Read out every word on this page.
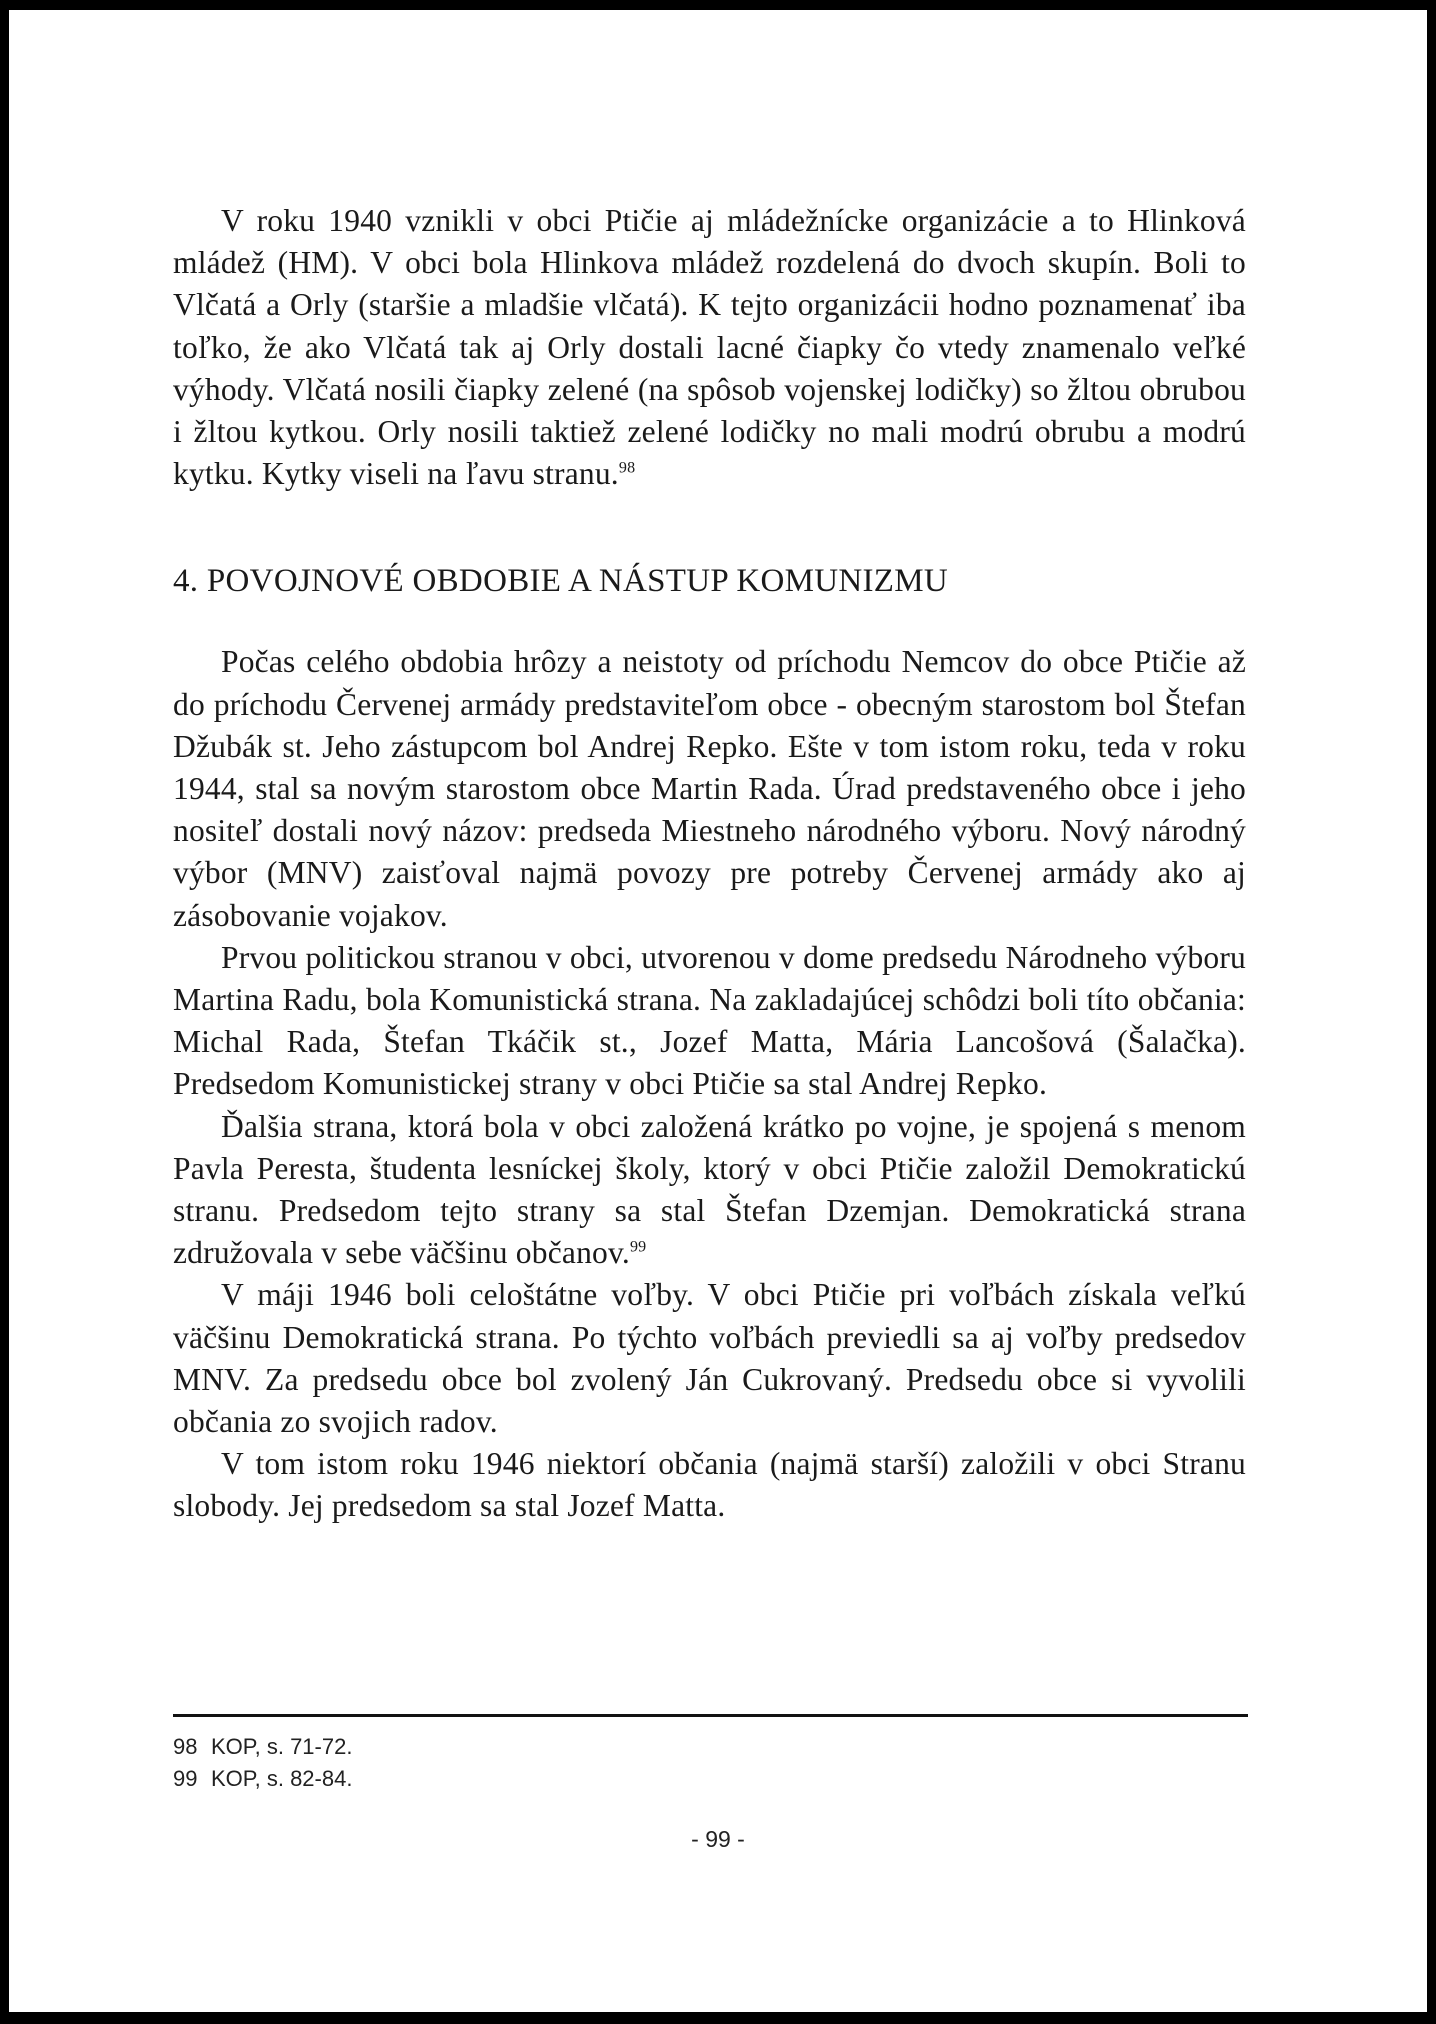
V roku 1940 vznikli v obci Ptičie aj mládežnícke organizácie a to Hlinková mládež (HM). V obci bola Hlinkova mládež rozdelená do dvoch skupín. Boli to Vlčatá a Orly (staršie a mladšie vlčatá). K tejto organizácii hodno poznamenať iba toľko, že ako Vlčatá tak aj Orly dostali lacné čiapky čo vtedy znamenalo veľké výhody. Vlčatá nosili čiapky zelené (na spôsob vojenskej lodičky) so žltou obrubou i žltou kytkou. Orly nosili taktiež zelené lodičky no mali modrú obrubu a modrú kytku. Kytky viseli na ľavu stranu.$^{98}$

4. POVOJNOVÉ OBDOBIE A NÁSTUP KOMUNIZMU

Počas celého obdobia hrôzy a neistoty od príchodu Nemcov do obce Ptičie až do príchodu Červenej armády predstaviteľom obce - obecným starostom bol Štefan Džubák st. Jeho zástupcom bol Andrej Repko. Ešte v tom istom roku, teda v roku 1944, stal sa novým starostom obce Martin Rada. Úrad predstaveného obce i jeho nositeľ dostali nový názov: predseda Miestneho národného výboru. Nový národný výbor (MNV) zaisťoval najmä povozy pre potreby Červenej armády ako aj zásobovanie vojakov.

Prvou politickou stranou v obci, utvorenou v dome predsedu Národneho výboru Martina Radu, bola Komunistická strana. Na zakladajúcej schôdzi boli títo občania: Michal Rada, Štefan Tkáčik st., Jozef Matta, Mária Lancošová (Šalačka). Predsedom Komunistickej strany v obci Ptičie sa stal Andrej Repko.

Ďalšia strana, ktorá bola v obci založená krátko po vojne, je spojená s menom Pavla Peresta, študenta lesníckej školy, ktorý v obci Ptičie založil Demokratickú stranu. Predsedom tejto strany sa stal Štefan Dzemjan. Demokratická strana združovala v sebe väčšinu občanov.$^{99}$

V máji 1946 boli celoštátne voľby. V obci Ptičie pri voľbách získala veľkú väčšinu Demokratická strana. Po týchto voľbách previedli sa aj voľby predsedov MNV. Za predsedu obce bol zvolený Ján Cukrovaný. Predsedu obce si vyvolili občania zo svojich radov.

V tom istom roku 1946 niektorí občania (najmä starší) založili v obci Stranu slobody. Jej predsedom sa stal Jozef Matta.

98 KOP, s. 71-72.
99 KOP, s. 82-84.
- 99 -
